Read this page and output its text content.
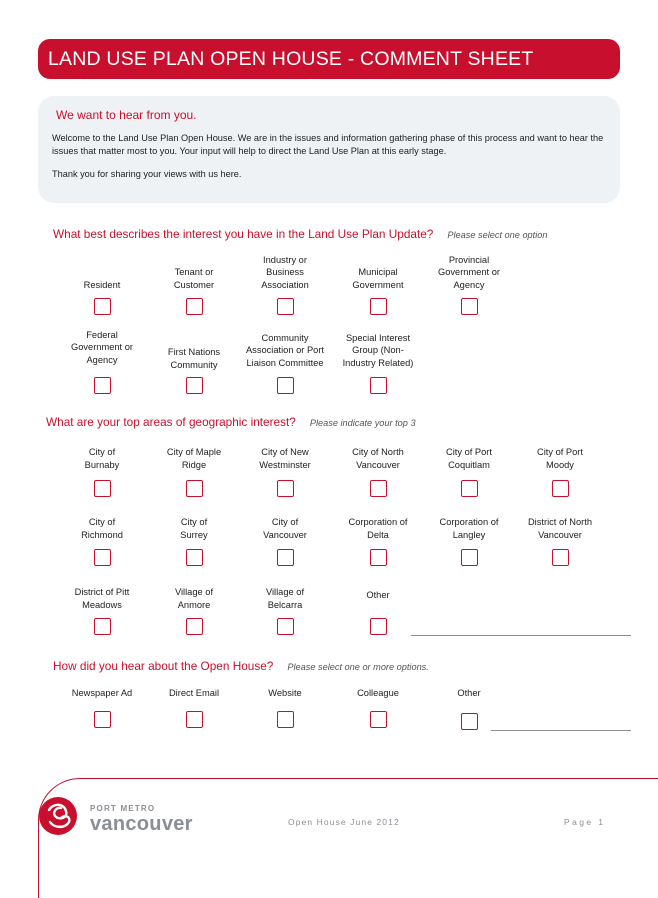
LAND USE PLAN OPEN HOUSE - COMMENT SHEET

We want to hear from you.

Welcome to the Land Use Plan Open House. We are in the issues and information gathering phase of this process and want to hear the issues that matter most to you. Your input will help to direct the Land Use Plan at this early stage.

Thank you for sharing your views with us here.

What best describes the interest you have in the Land Use Plan Update? Please select one option
What are your top areas of geographic interest? Please indicate your top 3
How did you hear about the Open House? Please select one or more options.
Resident
Tenant or
Customer
Industry or
Business
Association
Municipal
Government
Provincial
Government or
Agency
Federal
Government or
Agency
First Nations
Community
Community
Association or Port
Liaison Committee
Special Interest
Group (Non-
Industry Related)
City of
Burnaby
City of Maple
Ridge
City of New
Westminster
City of North
Vancouver
City of Port
Coquitlam
City of Port
Moody
City of
Richmond
City of
Surrey
City of
Vancouver
Corporation of
Delta
Corporation of
Langley
District of North
Vancouver
District of Pitt
Meadows
Village of
Anmore
Village of
Belcarra
Other
Newspaper Ad	Direct Email	Website	Colleague	Other
PORT METRO
vancouver	Open House June 2012	Page 1
